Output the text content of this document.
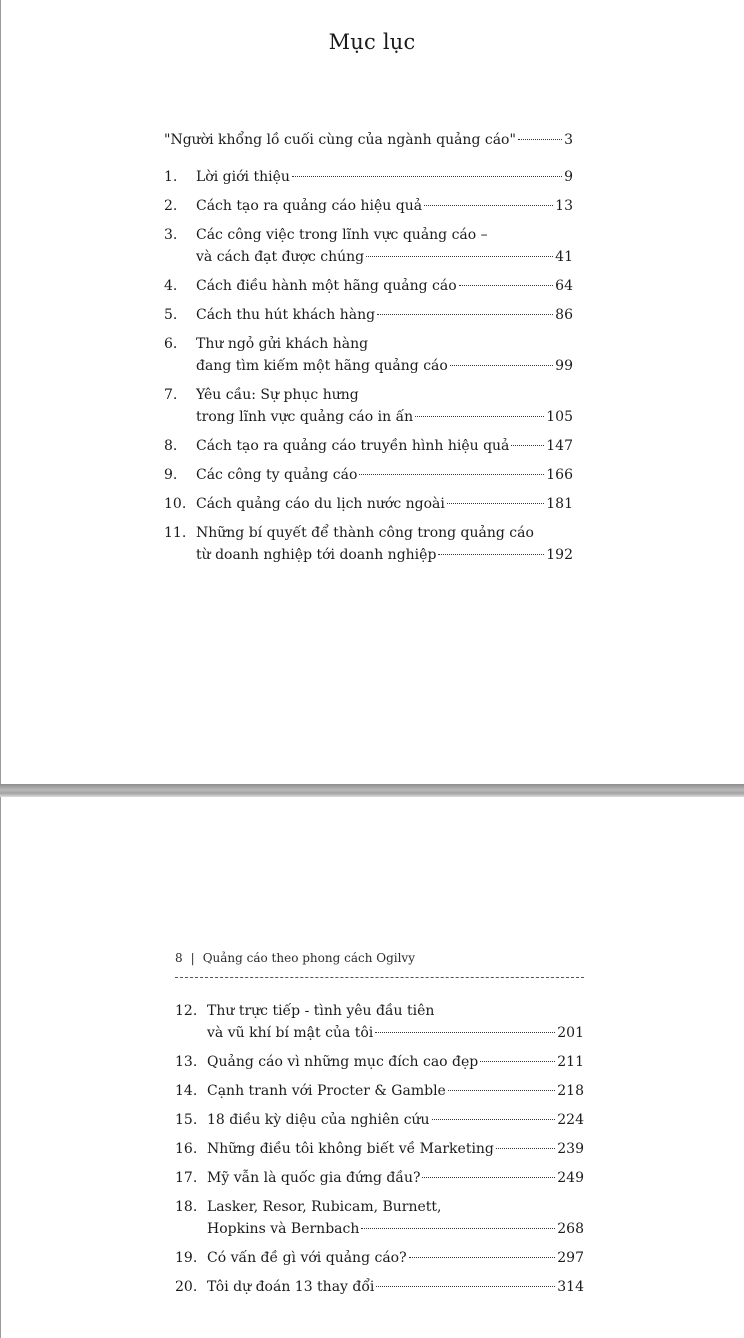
Mục lục
"Người khổng lồ cuối cùng của ngành quảng cáo"	3
1.	Lời giới thiệu	9
2.	Cách tạo ra quảng cáo hiệu quả	13
3.	Các công việc trong lĩnh vực quảng cáo –
và cách đạt được chúng	41
4.	Cách điều hành một hãng quảng cáo	64
5.	Cách thu hút khách hàng	86
6.	Thư ngỏ gửi khách hàng
đang tìm kiếm một hãng quảng cáo	99
7.	Yêu cầu: Sự phục hưng
trong lĩnh vực quảng cáo in ấn	105
8.	Cách tạo ra quảng cáo truyền hình hiệu quả	147
9.	Các công ty quảng cáo	166
10. Cách quảng cáo du lịch nước ngoài	181
11. Những bí quyết để thành công trong quảng cáo
từ doanh nghiệp tới doanh nghiệp	192
8 | Quảng cáo theo phong cách Ogilvy
12. Thư trực tiếp - tình yêu đầu tiên
và vũ khí bí mật của tôi	201
13. Quảng cáo vì những mục đích cao đẹp	211
14. Cạnh tranh với Procter & Gamble	218
15. 18 điều kỳ diệu của nghiên cứu	224
16. Những điều tôi không biết về Marketing	239
17. Mỹ vẫn là quốc gia đứng đầu?	249
18. Lasker, Resor, Rubicam, Burnett,
Hopkins và Bernbach	268
19. Có vấn đề gì với quảng cáo?	297
20. Tôi dự đoán 13 thay đổi	314
